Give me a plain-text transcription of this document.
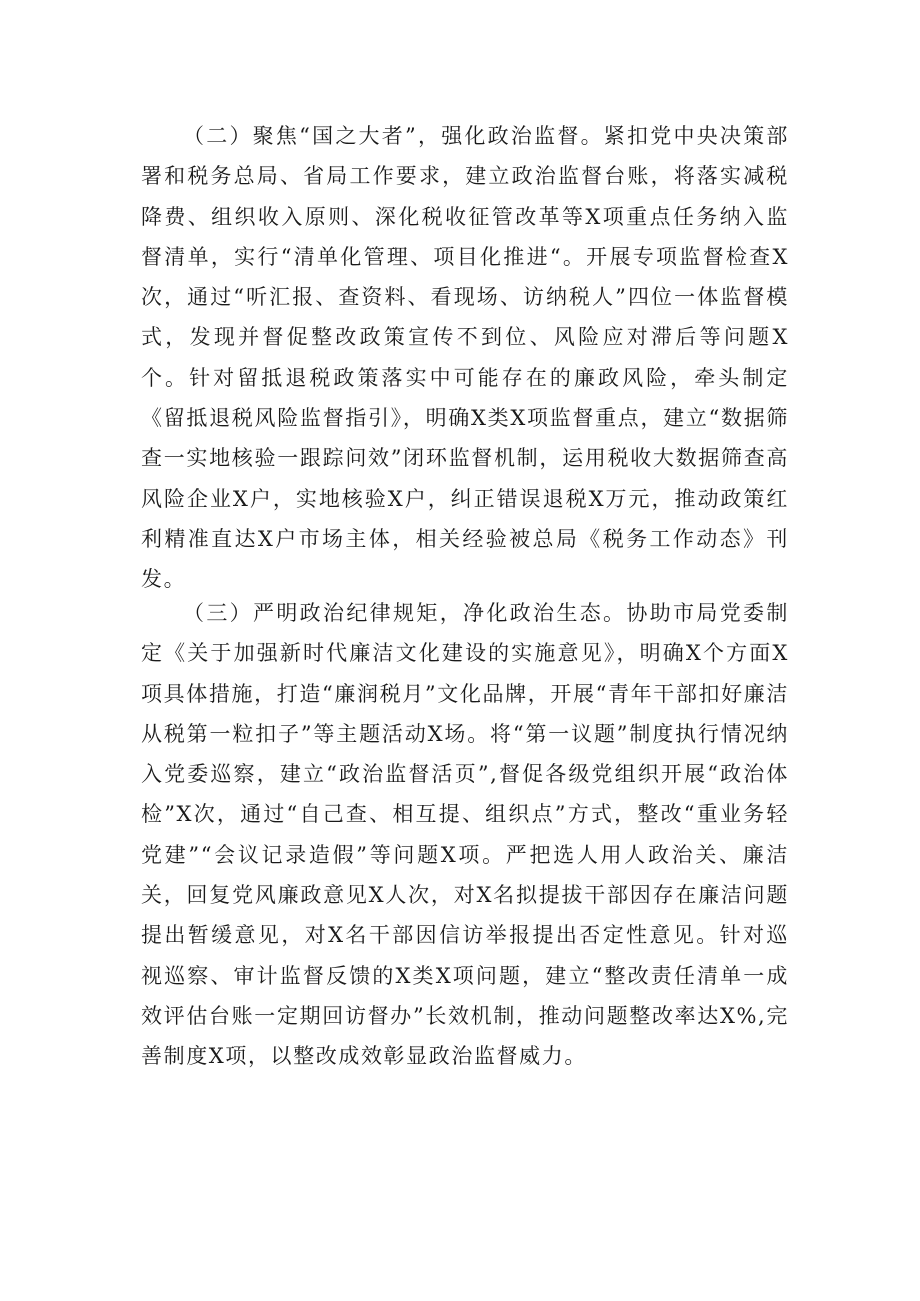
（二）聚焦“国之大者”，强化政治监督。紧扣党中央决策部署和税务总局、省局工作要求，建立政治监督台账，将落实减税降费、组织收入原则、深化税收征管改革等X项重点任务纳入监督清单，实行“清单化管理、项目化推进“。开展专项监督检查X次，通过“听汇报、查资料、看现场、访纳税人”四位一体监督模式，发现并督促整改政策宣传不到位、风险应对滞后等问题X个。针对留抵退税政策落实中可能存在的廉政风险，牵头制定《留抵退税风险监督指引》，明确X类X项监督重点，建立“数据筛查一实地核验一跟踪问效”闭环监督机制，运用税收大数据筛查高风险企业X户，实地核验X户，纠正错误退税X万元，推动政策红利精准直达X户市场主体，相关经验被总局《税务工作动态》刊发。

（三）严明政治纪律规矩，净化政治生态。协助市局党委制定《关于加强新时代廉洁文化建设的实施意见》，明确X个方面X项具体措施，打造“廉润税月”文化品牌，开展“青年干部扣好廉洁从税第一粒扣子”等主题活动X场。将“第一议题”制度执行情况纳入党委巡察，建立“政治监督活页”,督促各级党组织开展“政治体检”X次，通过“自己查、相互提、组织点”方式，整改“重业务轻党建”“会议记录造假”等问题X项。严把选人用人政治关、廉洁关，回复党风廉政意见X人次，对X名拟提拔干部因存在廉洁问题提出暂缓意见，对X名干部因信访举报提出否定性意见。针对巡视巡察、审计监督反馈的X类X项问题，建立“整改责任清单一成效评估台账一定期回访督办”长效机制，推动问题整改率达X%,完善制度X项，以整改成效彰显政治监督威力。
